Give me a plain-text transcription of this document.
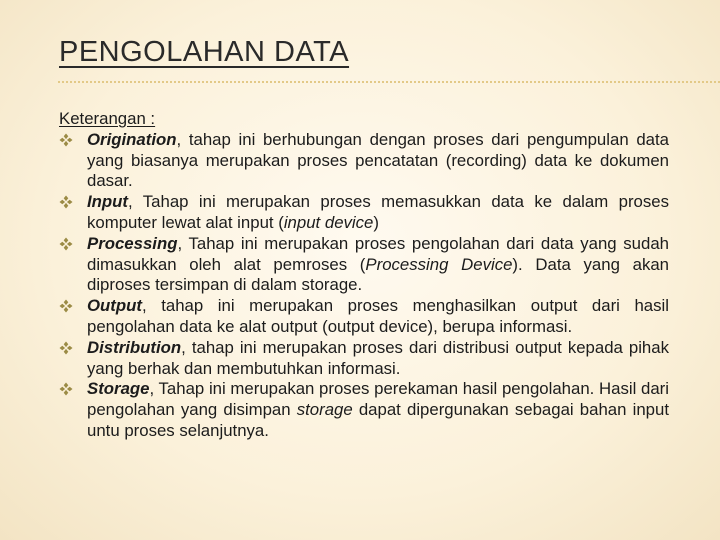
PENGOLAHAN DATA
Keterangan :
Origination, tahap ini berhubungan dengan proses dari pengumpulan data yang biasanya merupakan proses pencatatan (recording) data ke dokumen dasar.
Input, Tahap ini merupakan proses memasukkan data ke dalam proses komputer lewat alat input (input device)
Processing, Tahap ini merupakan proses pengolahan dari data yang sudah dimasukkan oleh alat pemroses (Processing Device). Data yang akan diproses tersimpan di dalam storage.
Output, tahap ini merupakan proses menghasilkan output dari hasil pengolahan data ke alat output (output device), berupa informasi.
Distribution, tahap ini merupakan proses dari distribusi output kepada pihak yang berhak dan membutuhkan informasi.
Storage, Tahap ini merupakan proses perekaman hasil pengolahan. Hasil dari pengolahan yang disimpan storage dapat dipergunakan sebagai bahan input untu proses selanjutnya.
